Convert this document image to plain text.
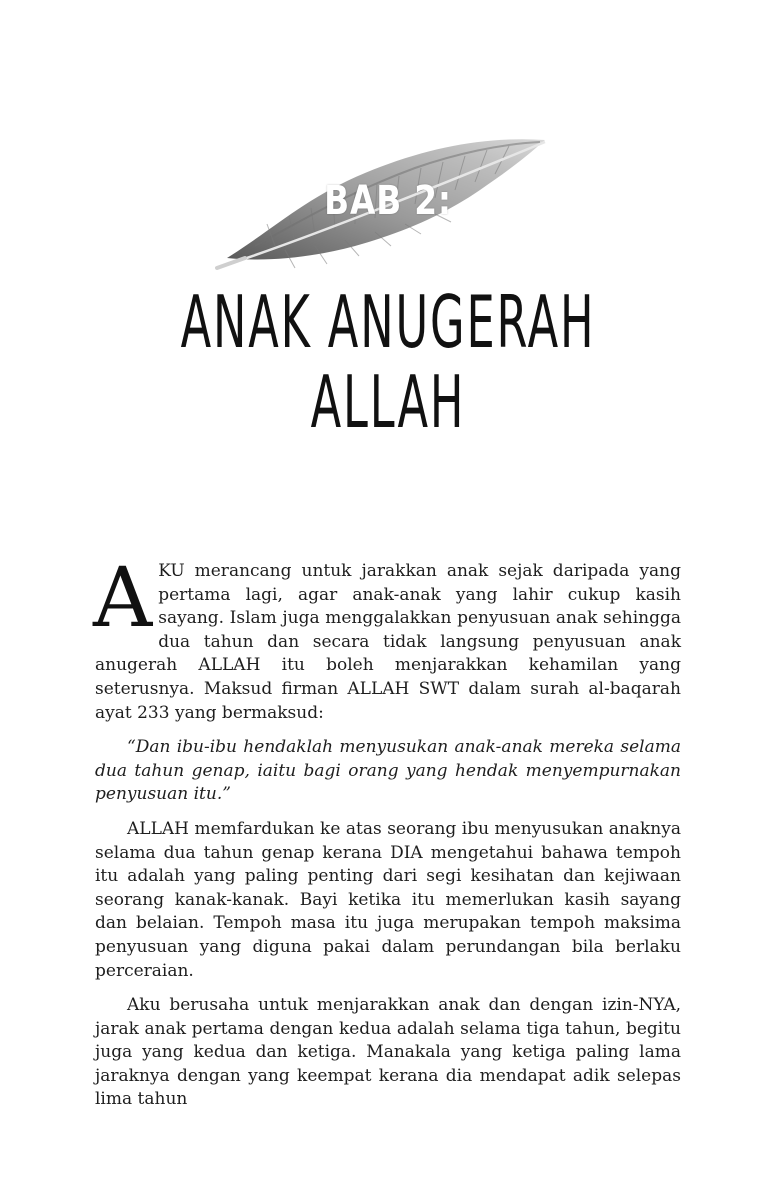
BAB 2:
ANAK ANUGERAH
ALLAH

AKU merancang untuk jarakkan anak sejak daripada yang pertama lagi, agar anak-anak yang lahir cukup kasih sayang. Islam juga menggalakkan penyusuan anak sehingga dua tahun dan secara tidak langsung penyusuan anak anugerah ALLAH itu boleh menjarakkan kehamilan yang seterusnya. Maksud firman ALLAH SWT dalam surah al-baqarah ayat 233 yang bermaksud:

“Dan ibu-ibu hendaklah menyusukan anak-anak mereka selama dua tahun genap, iaitu bagi orang yang hendak menyempurnakan penyusuan itu.”

ALLAH memfardukan ke atas seorang ibu menyusukan anaknya selama dua tahun genap kerana DIA mengetahui bahawa tempoh itu adalah yang paling penting dari segi kesihatan dan kejiwaan seorang kanak-kanak. Bayi ketika itu memerlukan kasih sayang dan belaian. Tempoh masa itu juga merupakan tempoh maksima penyusuan yang diguna pakai dalam perundangan bila berlaku perceraian.

Aku berusaha untuk menjarakkan anak dan dengan izin-NYA, jarak anak pertama dengan kedua adalah selama tiga tahun, begitu juga yang kedua dan ketiga. Manakala yang ketiga paling lama jaraknya dengan yang keempat kerana dia mendapat adik selepas lima tahun
